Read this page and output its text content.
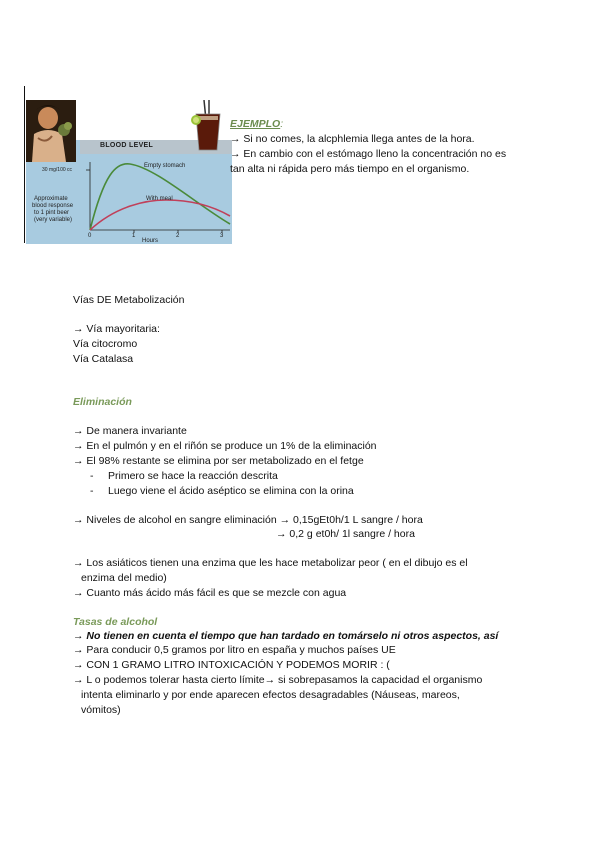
BLOOD LEVEL
30 mg/100 cc
Approximate
blood response
to 1 pint beer
(very variable)
Empty stomach
With meal
0	1	2	3
Hours
EJEMPLO:
→ Si no comes, la alcphlemia llega antes de la hora.
→ En cambio con el estómago lleno la concentración no es
tan alta ni rápida pero más tiempo en el organismo.
Vías DE Metabolización
→ Vía mayoritaria:
Vía citocromo
Vía Catalasa
Eliminación
→ De manera invariante
→ En el pulmón y en el riñón se produce un 1% de la eliminación
→ El 98% restante se elimina por ser metabolizado en el fetge
- Primero se hace la reacción descrita
- Luego viene el ácido aséptico se elimina con la orina
→ Niveles de alcohol en sangre eliminación → 0,15gEt0h/1 L sangre / hora
→ 0,2 g et0h/ 1l sangre / hora
→ Los asiáticos tienen una enzima que les hace metabolizar peor ( en el dibujo es el
enzima del medio)
→ Cuanto más ácido más fácil es que se mezcle con agua
Tasas de alcohol
→ No tienen en cuenta el tiempo que han tardado en tomárselo ni otros aspectos, así
→ Para conducir 0,5 gramos por litro en españa y muchos países UE
→ CON 1 GRAMO LITRO INTOXICACIÓN Y PODEMOS MORIR : (
→ L o podemos tolerar hasta cierto límite→ si sobrepasamos la capacidad el organismo
intenta eliminarlo y por ende aparecen efectos desagradables (Náuseas, mareos,
vómitos)
